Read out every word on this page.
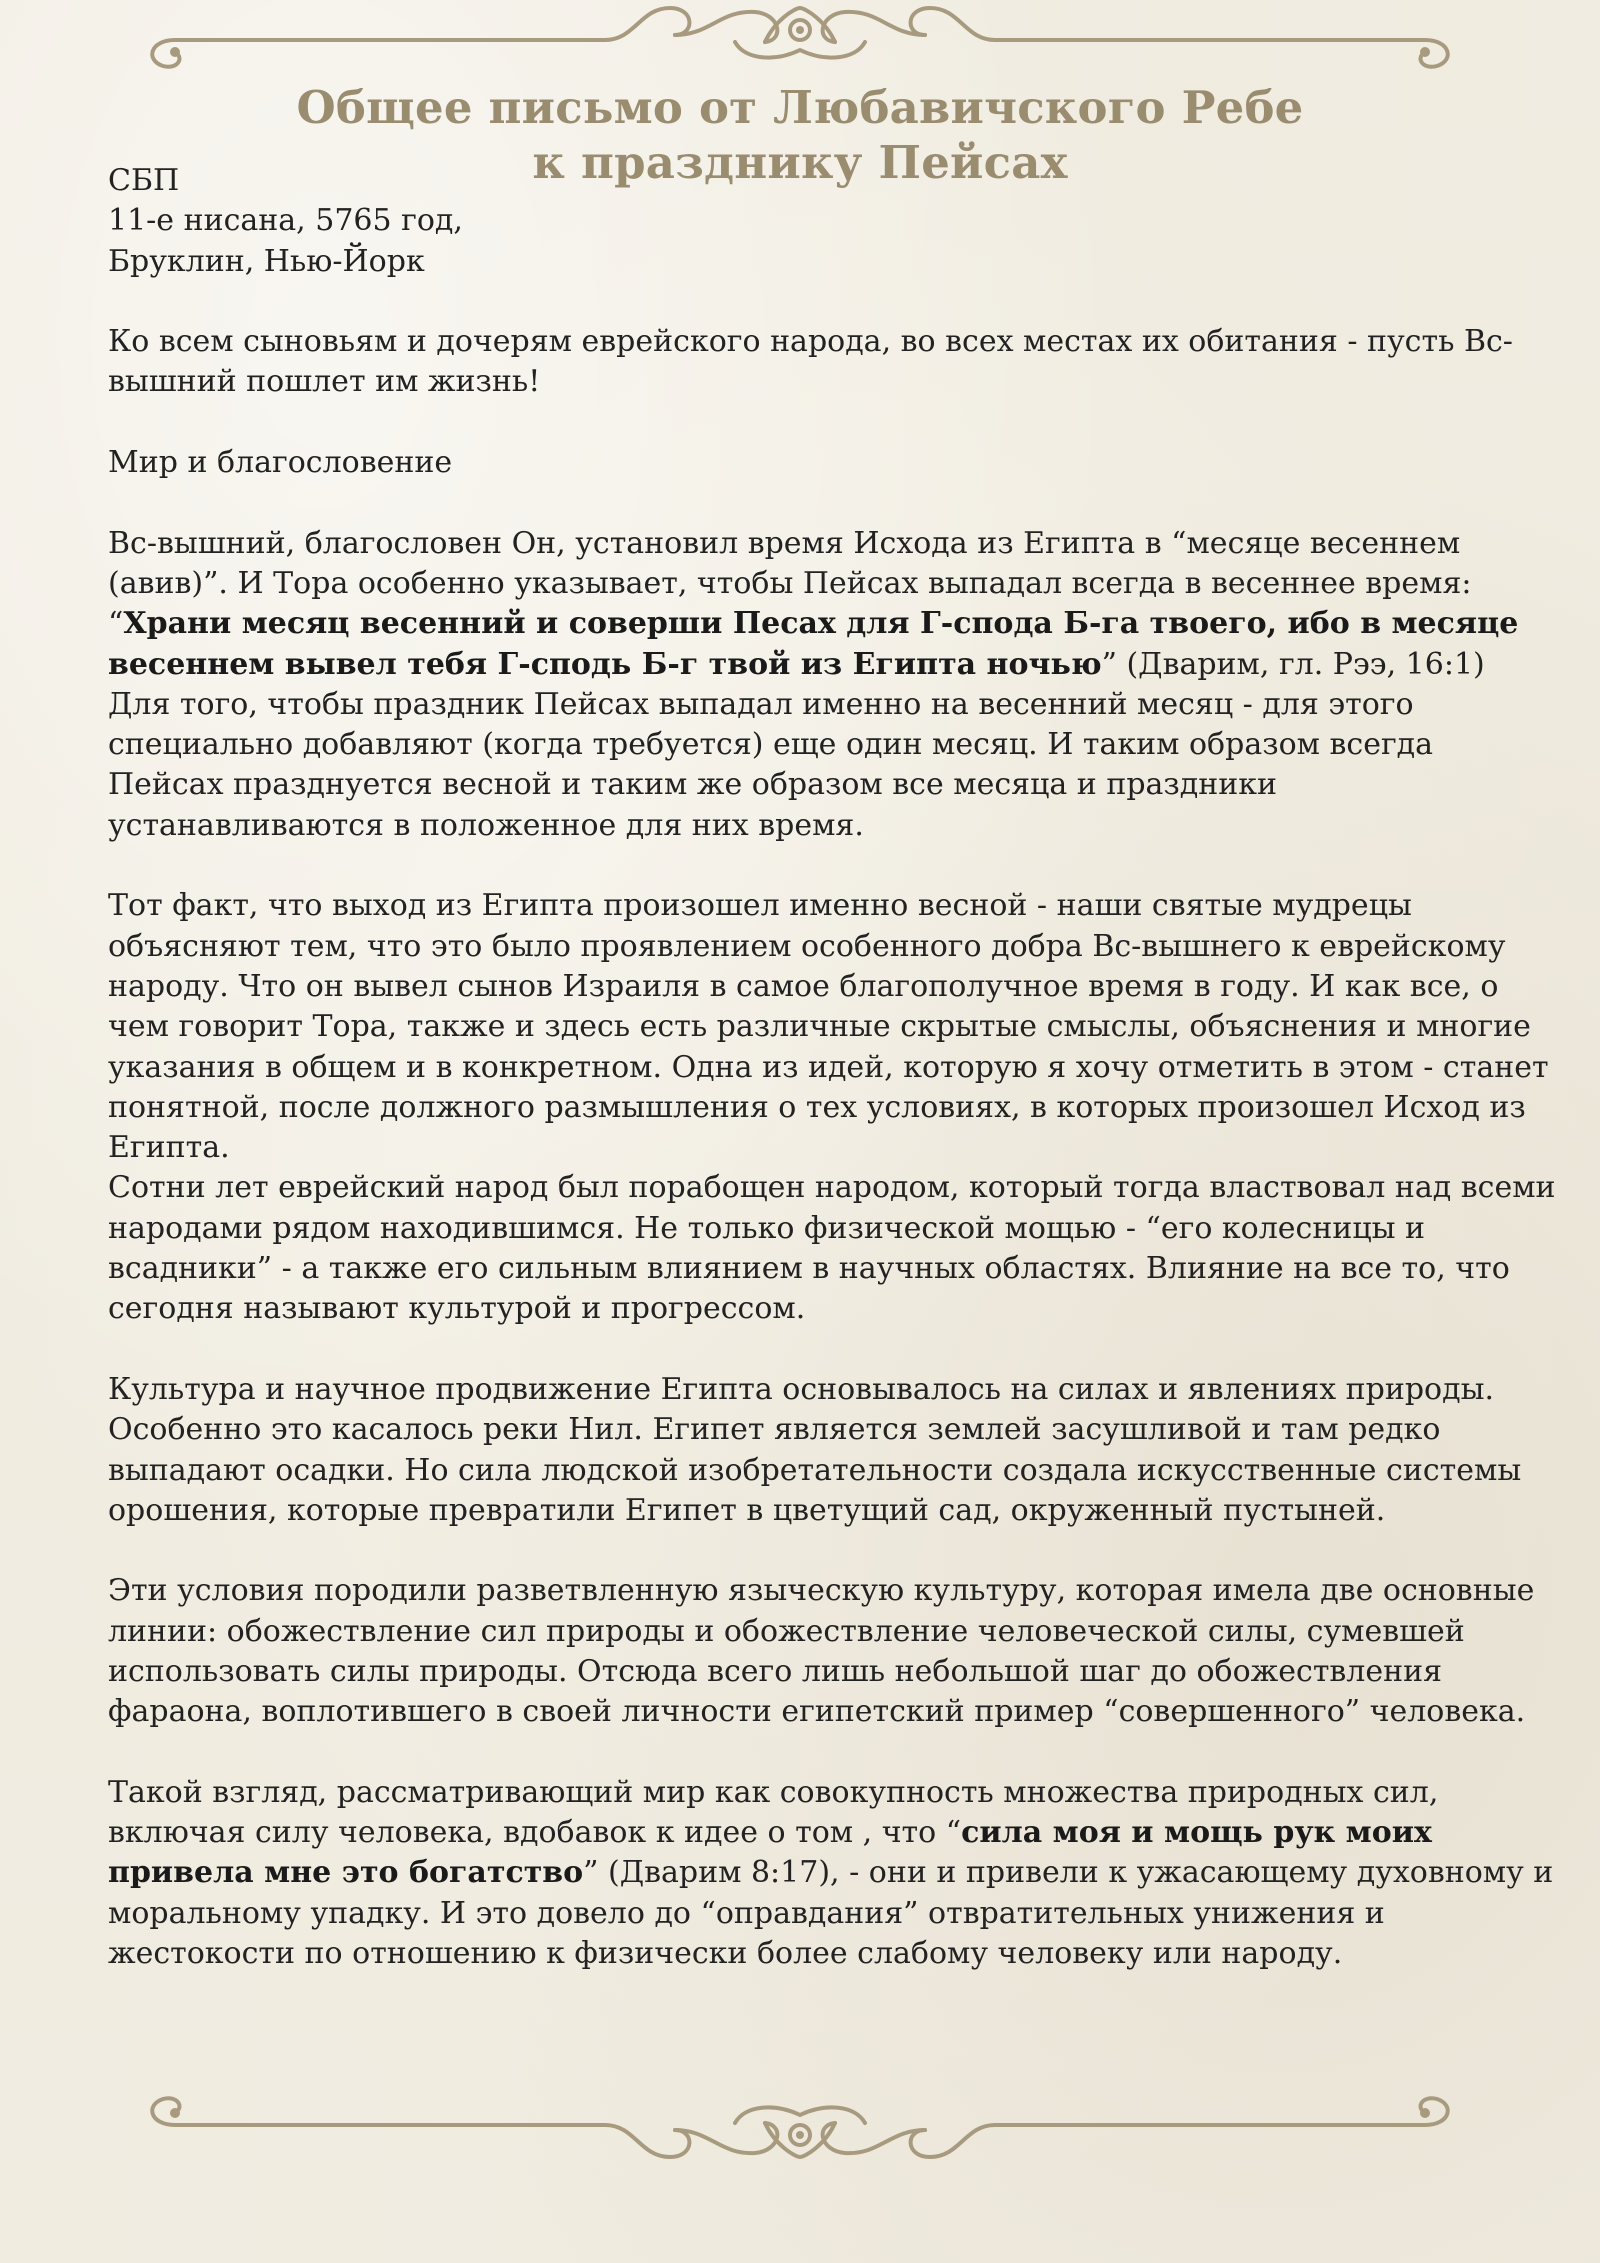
Общее письмо от Любавичского Ребе
к празднику Пейсах

СБП

11-е нисана, 5765 год,

Бруклин, Нью-Йорк

Ко всем сыновьям и дочерям еврейского народа, во всех местах их обитания - пусть Вс-вышний пошлет им жизнь!

Мир и благословение

Вс-вышний, благословен Он, установил время Исхода из Египта в “месяце весеннем (авив)”. И Тора особенно указывает, чтобы Пейсах выпадал всегда в весеннее время: “Храни месяц весенний и соверши Песах для Г-спода Б-га твоего, ибо в месяце весеннем вывел тебя Г-сподь Б-г твой из Египта ночью” (Дварим, гл. Рээ, 16:1)

Для того, чтобы праздник Пейсах выпадал именно на весенний месяц - для этого специально добавляют (когда требуется) еще один месяц. И таким образом всегда Пейсах празднуется весной и таким же образом все месяца и праздники устанавливаются в положенное для них время.

Тот факт, что выход из Египта произошел именно весной - наши святые мудрецы объясняют тем, что это было проявлением особенного добра Вс-вышнего к еврейскому народу. Что он вывел сынов Израиля в самое благополучное время в году. И как все, о чем говорит Тора, также и здесь есть различные скрытые смыслы, объяснения и многие указания в общем и в конкретном. Одна из идей, которую я хочу отметить в этом - станет понятной, после должного размышления о тех условиях, в которых произошел Исход из Египта.

Сотни лет еврейский народ был порабощен народом, который тогда властвовал над всеми народами рядом находившимся. Не только физической мощью - “его колесницы и всадники” - а также его сильным влиянием в научных областях. Влияние на все то, что сегодня называют культурой и прогрессом.

Культура и научное продвижение Египта основывалось на силах и явлениях природы. Особенно это касалось реки Нил. Египет является землей засушливой и там редко выпадают осадки. Но сила людской изобретательности создала искусственные системы орошения, которые превратили Египет в цветущий сад, окруженный пустыней.

Эти условия породили разветвленную языческую культуру, которая имела две основные линии: обожествление сил природы и обожествление человеческой силы, сумевшей использовать силы природы. Отсюда всего лишь небольшой шаг до обожествления фараона, воплотившего в своей личности египетский пример “совершенного” человека.

Такой взгляд, рассматривающий мир как совокупность множества природных сил, включая силу человека, вдобавок к идее о том , что “сила моя и мощь рук моих привела мне это богатство” (Дварим 8:17), - они и привели к ужасающему духовному и моральному упадку. И это довело до “оправдания” отвратительных унижения и жестокости по отношению к физически более слабому человеку или народу.
